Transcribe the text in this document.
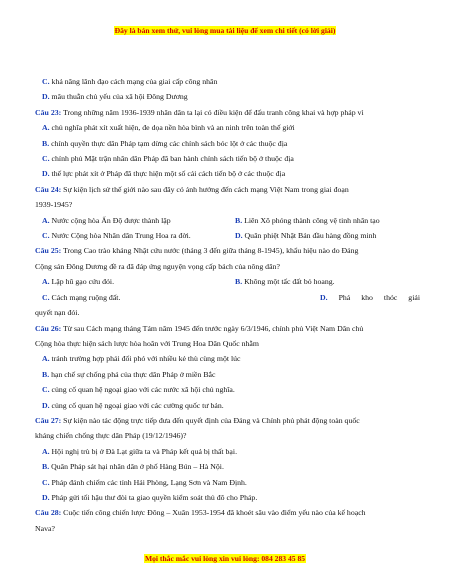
Đây là bản xem thử, vui lòng mua tài liệu để xem chi tiết (có lời giải)
C. khả năng lãnh đạo cách mạng của giai cấp công nhân
D. mâu thuẫn chủ yếu của xã hội Đông Dương
Câu 23: Trong những năm 1936-1939 nhân dân ta lại có điều kiện để đấu tranh công khai và hợp pháp vì
A. chủ nghĩa phát xít xuất hiện, đe dọa nền hòa bình và an ninh trên toàn thế giới
B. chính quyền thực dân Pháp tạm dừng các chính sách bóc lột ở các thuộc địa
C. chính phủ Mặt trận nhân dân Pháp đã ban hành chính sách tiến bộ ở thuộc địa
D. thế lực phát xít ở Pháp đã thực hiện một số cải cách tiến bộ ở các thuộc địa
Câu 24: Sự kiện lịch sử thế giới nào sau đây có ảnh hưởng đến cách mạng Việt Nam trong giai đoạn
1939-1945?
A. Nước cộng hòa Ấn Độ được thành lập	B. Liên Xô phóng thành công vệ tinh nhân tạo
C. Nước Cộng hòa Nhân dân Trung Hoa ra đời.	D. Quân phiệt Nhật Bản đầu hàng đồng minh
Câu 25: Trong Cao trào kháng Nhật cứu nước (tháng 3 đến giữa tháng 8-1945), khẩu hiệu nào do Đảng
Cộng sản Đông Dương đề ra đã đáp ứng nguyện vọng cấp bách của nông dân?
A. Lập hũ gạo cứu đói.	B. Không một tấc đất bỏ hoang.
C. Cách mạng ruộng đất.	D. Phá kho thóc giải
quyết nạn đói.
Câu 26: Từ sau Cách mạng tháng Tám năm 1945 đến trước ngày 6/3/1946, chính phủ Việt Nam Dân chủ
Cộng hòa thực hiện sách lược hòa hoãn với Trung Hoa Dân Quốc nhằm
A. tránh trường hợp phải đối phó với nhiều kẻ thù cùng một lúc
B. hạn chế sự chống phá của thực dân Pháp ở miền Bắc
C. củng cố quan hệ ngoại giao với các nước xã hội chủ nghĩa.
D. củng cố quan hệ ngoại giao với các cường quốc tư bản.
Câu 27: Sự kiện nào tác động trực tiếp đưa đến quyết định của Đảng và Chính phủ phát động toàn quốc
kháng chiến chống thực dân Pháp (19/12/1946)?
A. Hội nghị trù bị ở Đà Lạt giữa ta và Pháp kết quả bị thất bại.
B. Quân Pháp sát hại nhân dân ở phố Hàng Bún – Hà Nội.
C. Pháp đánh chiếm các tỉnh Hải Phòng, Lạng Sơn và Nam Định.
D. Pháp gửi tối hậu thư đòi ta giao quyền kiểm soát thủ đô cho Pháp.
Câu 28: Cuộc tiến công chiến lược Đông – Xuân 1953-1954 đã khoét sâu vào điểm yếu nào của kế hoạch
Nava?
Mọi thắc mắc vui lòng xin vui lòng: 084 283 45 85
